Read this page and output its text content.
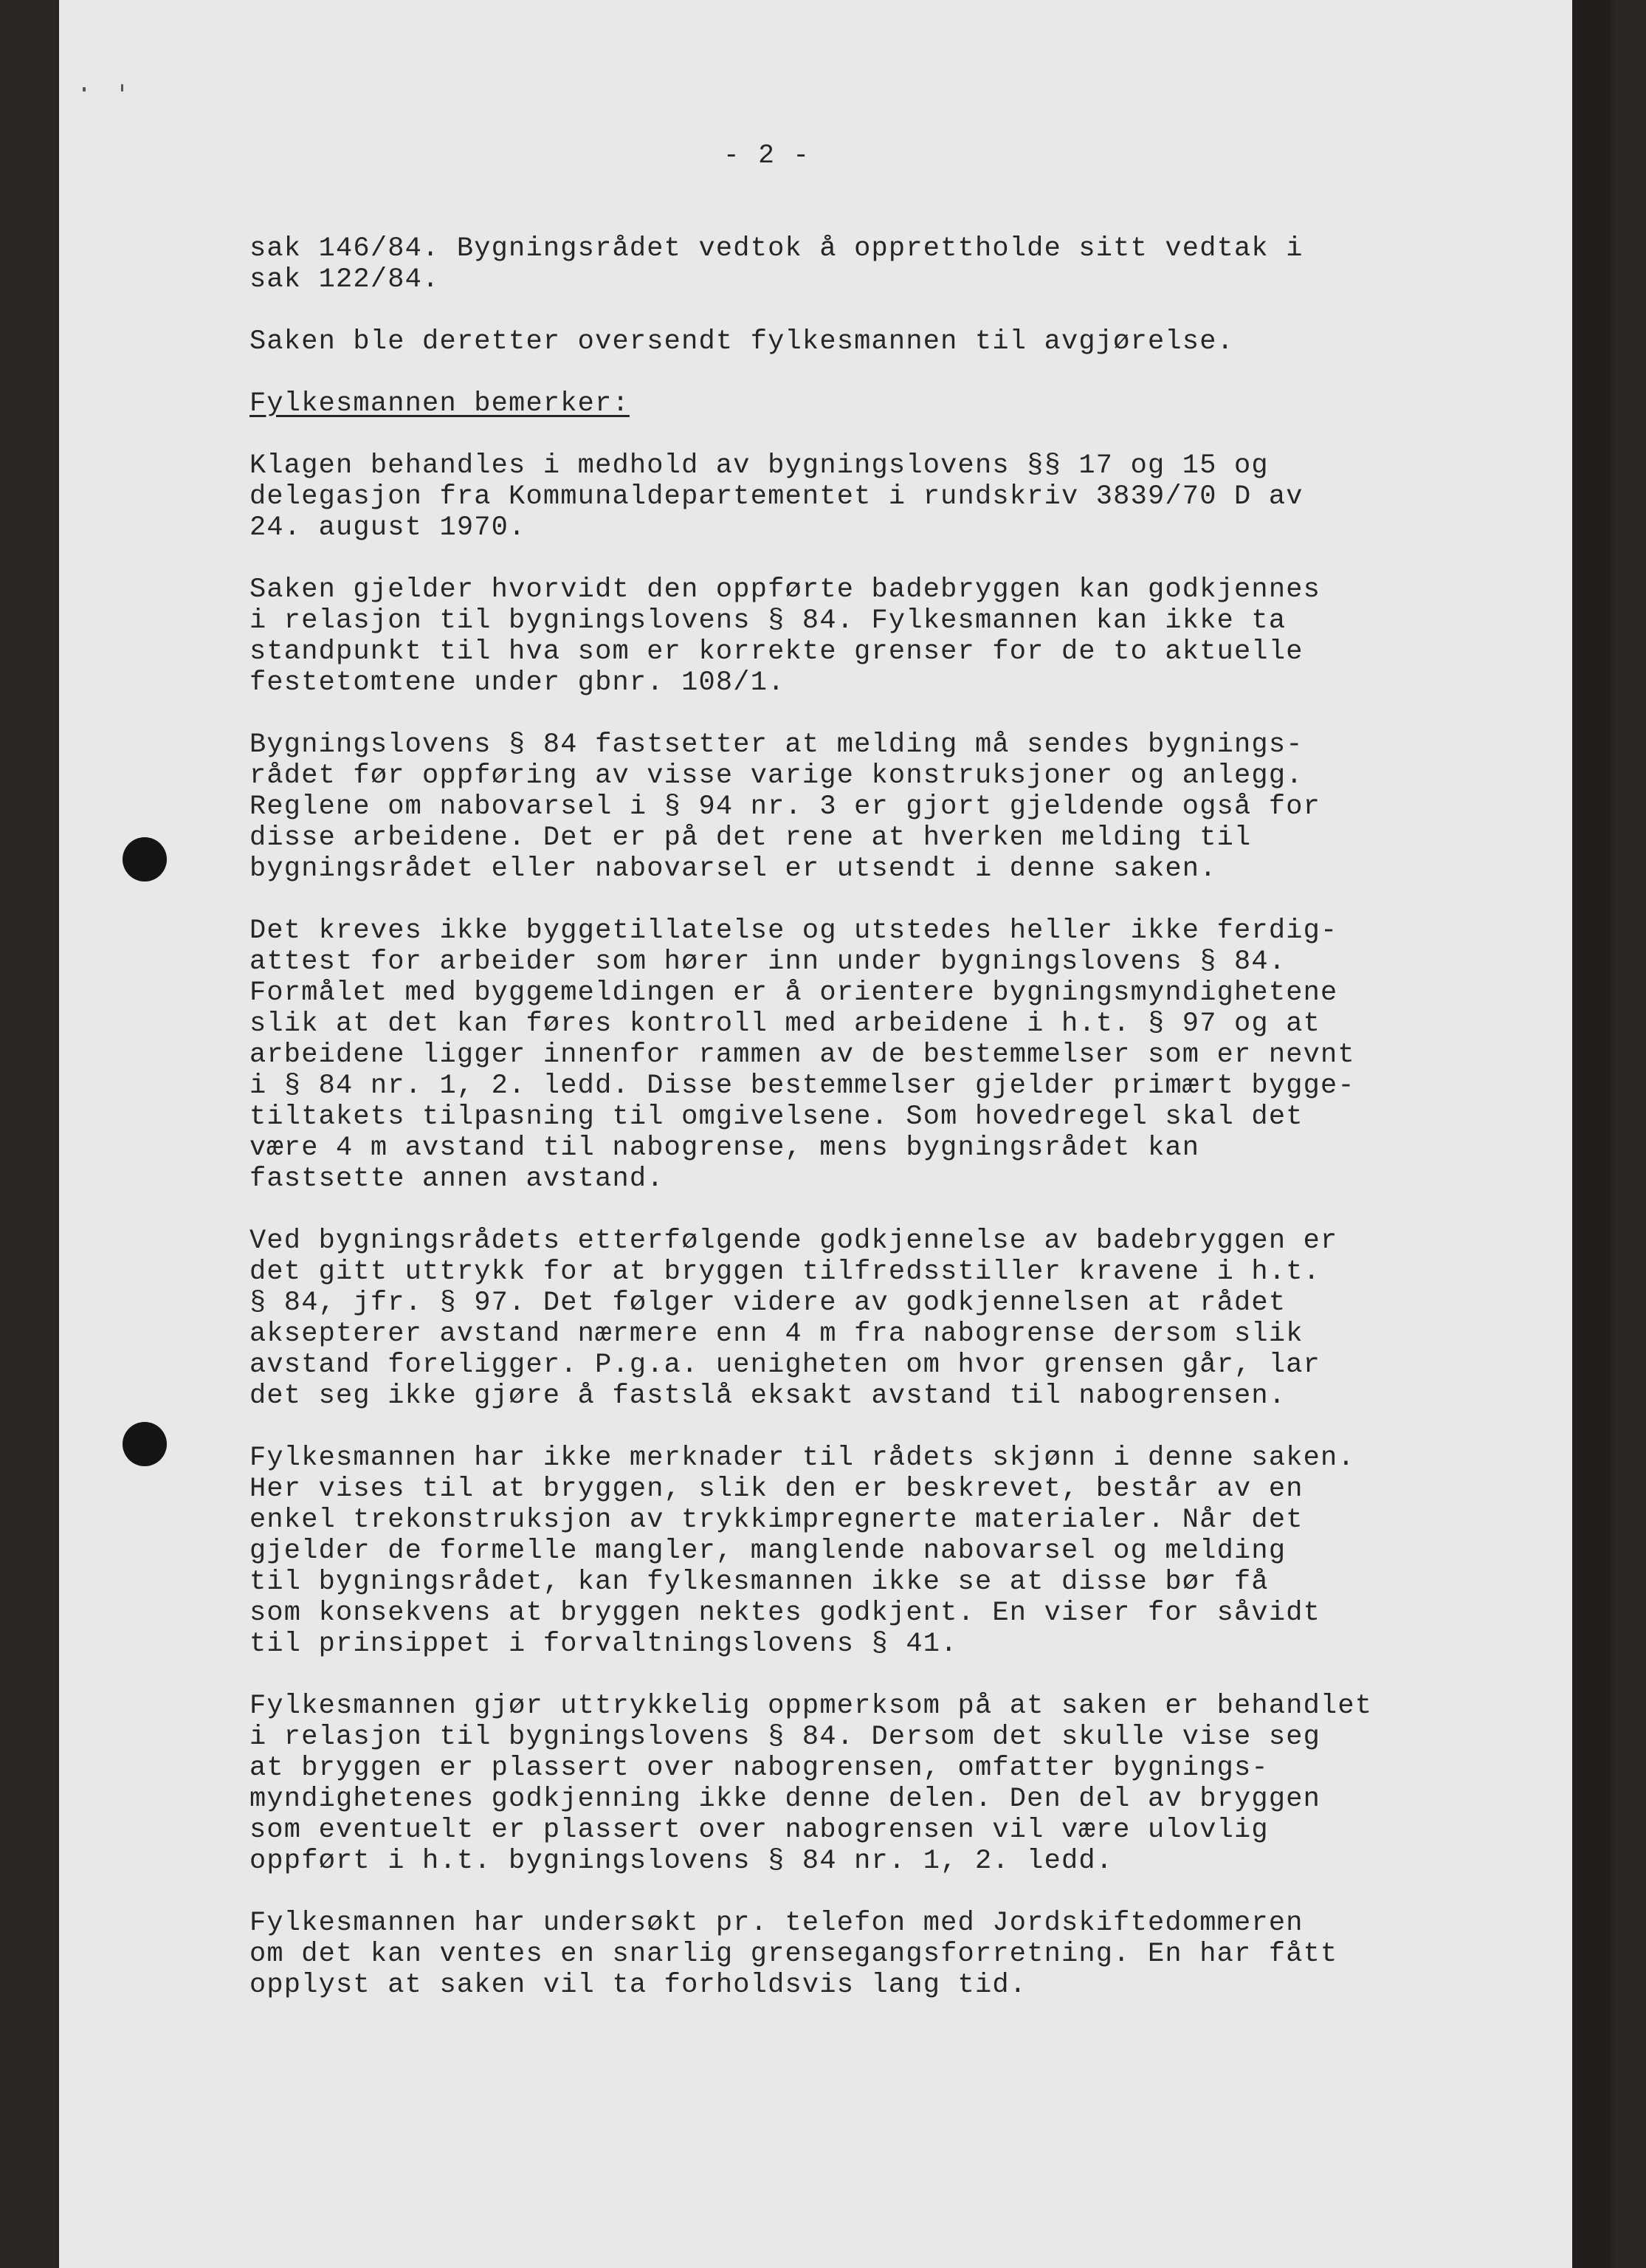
- 2 -

sak 146/84. Bygningsrådet vedtok å opprettholde sitt vedtak i
sak 122/84.

Saken ble deretter oversendt fylkesmannen til avgjørelse.

Fylkesmannen bemerker:

Klagen behandles i medhold av bygningslovens §§ 17 og 15 og
delegasjon fra Kommunaldepartementet i rundskriv 3839/70 D av
24. august 1970.

Saken gjelder hvorvidt den oppførte badebryggen kan godkjennes
i relasjon til bygningslovens § 84. Fylkesmannen kan ikke ta
standpunkt til hva som er korrekte grenser for de to aktuelle
festetomtene under gbnr. 108/1.

Bygningslovens § 84 fastsetter at melding må sendes bygnings-
rådet før oppføring av visse varige konstruksjoner og anlegg.
Reglene om nabovarsel i § 94 nr. 3 er gjort gjeldende også for
disse arbeidene. Det er på det rene at hverken melding til
bygningsrådet eller nabovarsel er utsendt i denne saken.

Det kreves ikke byggetillatelse og utstedes heller ikke ferdig-
attest for arbeider som hører inn under bygningslovens § 84.
Formålet med byggemeldingen er å orientere bygningsmyndighetene
slik at det kan føres kontroll med arbeidene i h.t. § 97 og at
arbeidene ligger innenfor rammen av de bestemmelser som er nevnt
i § 84 nr. 1, 2. ledd. Disse bestemmelser gjelder primært bygge-
tiltakets tilpasning til omgivelsene. Som hovedregel skal det
være 4 m avstand til nabogrense, mens bygningsrådet kan
fastsette annen avstand.

Ved bygningsrådets etterfølgende godkjennelse av badebryggen er
det gitt uttrykk for at bryggen tilfredsstiller kravene i h.t.
§ 84, jfr. § 97. Det følger videre av godkjennelsen at rådet
aksepterer avstand nærmere enn 4 m fra nabogrense dersom slik
avstand foreligger. P.g.a. uenigheten om hvor grensen går, lar
det seg ikke gjøre å fastslå eksakt avstand til nabogrensen.

Fylkesmannen har ikke merknader til rådets skjønn i denne saken.
Her vises til at bryggen, slik den er beskrevet, består av en
enkel trekonstruksjon av trykkimpregnerte materialer. Når det
gjelder de formelle mangler, manglende nabovarsel og melding
til bygningsrådet, kan fylkesmannen ikke se at disse bør få
som konsekvens at bryggen nektes godkjent. En viser for såvidt
til prinsippet i forvaltningslovens § 41.

Fylkesmannen gjør uttrykkelig oppmerksom på at saken er behandlet
i relasjon til bygningslovens § 84. Dersom det skulle vise seg
at bryggen er plassert over nabogrensen, omfatter bygnings-
myndighetenes godkjenning ikke denne delen. Den del av bryggen
som eventuelt er plassert over nabogrensen vil være ulovlig
oppført i h.t. bygningslovens § 84 nr. 1, 2. ledd.

Fylkesmannen har undersøkt pr. telefon med Jordskiftedommeren
om det kan ventes en snarlig grensegangsforretning. En har fått
opplyst at saken vil ta forholdsvis lang tid.
